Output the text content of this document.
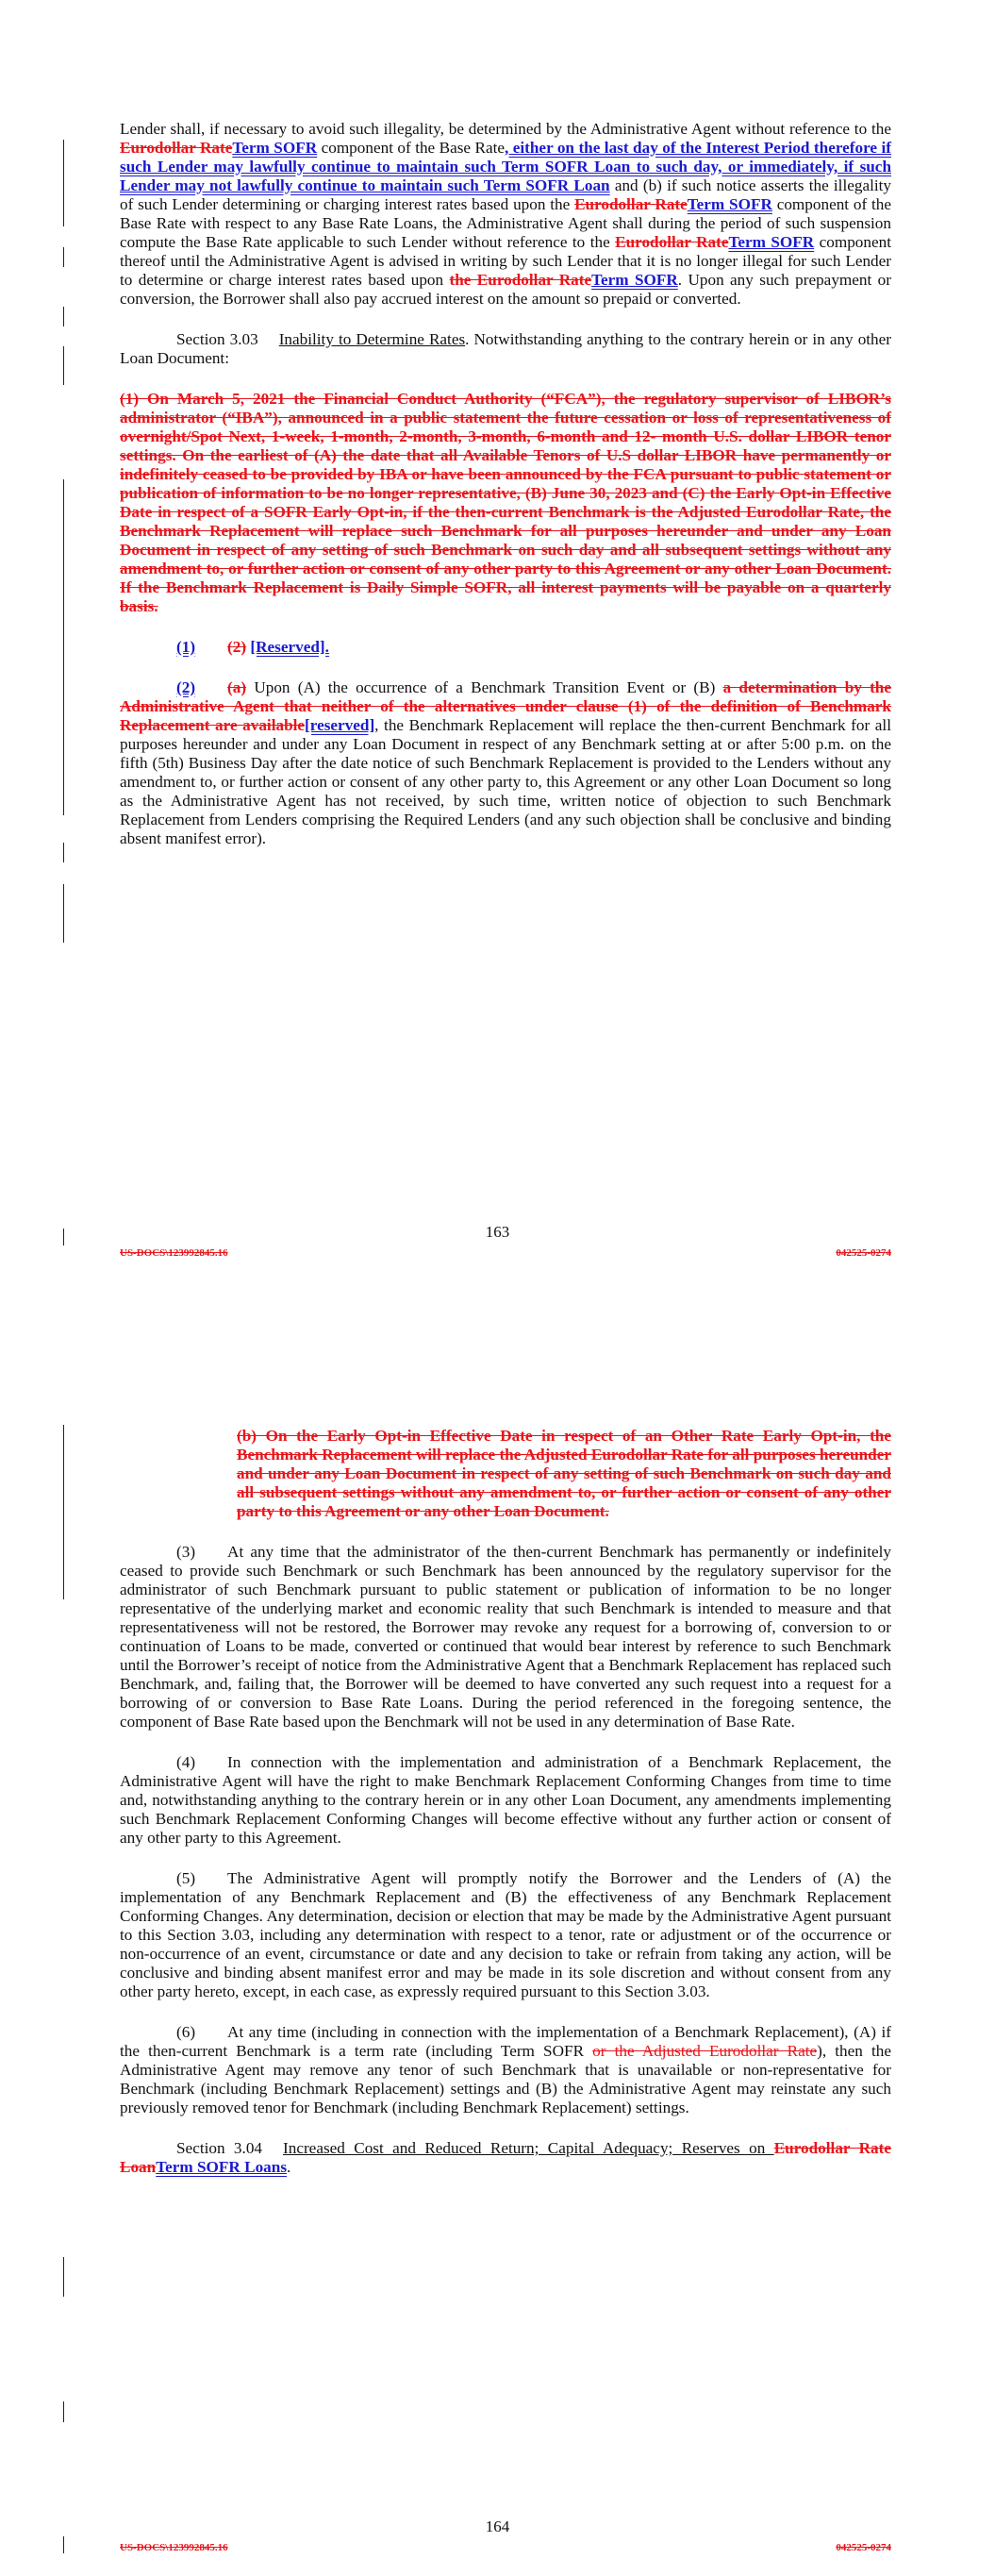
Lender shall, if necessary to avoid such illegality, be determined by the Administrative Agent without reference to the Eurodollar RateTerm SOFR component of the Base Rate, either on the last day of the Interest Period therefore if such Lender may lawfully continue to maintain such Term SOFR Loan to such day, or immediately, if such Lender may not lawfully continue to maintain such Term SOFR Loan and (b) if such notice asserts the illegality of such Lender determining or charging interest rates based upon the Eurodollar RateTerm SOFR component of the Base Rate with respect to any Base Rate Loans, the Administrative Agent shall during the period of such suspension compute the Base Rate applicable to such Lender without reference to the Eurodollar RateTerm SOFR component thereof until the Administrative Agent is advised in writing by such Lender that it is no longer illegal for such Lender to determine or charge interest rates based upon the Eurodollar RateTerm SOFR. Upon any such prepayment or conversion, the Borrower shall also pay accrued interest on the amount so prepaid or converted.

Section 3.03 Inability to Determine Rates. Notwithstanding anything to the contrary herein or in any other Loan Document:

(1) On March 5, 2021 the Financial Conduct Authority (“FCA”), the regulatory supervisor of LIBOR’s administrator (“IBA”), announced in a public statement the future cessation or loss of representativeness of overnight/Spot Next, 1-week, 1-month, 2-month, 3-month, 6-month and 12- month U.S. dollar LIBOR tenor settings. On the earliest of (A) the date that all Available Tenors of U.S dollar LIBOR have permanently or indefinitely ceased to be provided by IBA or have been announced by the FCA pursuant to public statement or publication of information to be no longer representative, (B) June 30, 2023 and (C) the Early Opt-in Effective Date in respect of a SOFR Early Opt-in, if the then-current Benchmark is the Adjusted Eurodollar Rate, the Benchmark Replacement will replace such Benchmark for all purposes hereunder and under any Loan Document in respect of any setting of such Benchmark on such day and all subsequent settings without any amendment to, or further action or consent of any other party to this Agreement or any other Loan Document. If the Benchmark Replacement is Daily Simple SOFR, all interest payments will be payable on a quarterly basis.

(1) (2) [Reserved].

(2) (a) Upon (A) the occurrence of a Benchmark Transition Event or (B) a determination by the Administrative Agent that neither of the alternatives under clause (1) of the definition of Benchmark Replacement are available[reserved], the Benchmark Replacement will replace the then-current Benchmark for all purposes hereunder and under any Loan Document in respect of any Benchmark setting at or after 5:00 p.m. on the fifth (5th) Business Day after the date notice of such Benchmark Replacement is provided to the Lenders without any amendment to, or further action or consent of any other party to, this Agreement or any other Loan Document so long as the Administrative Agent has not received, by such time, written notice of objection to such Benchmark Replacement from Lenders comprising the Required Lenders (and any such objection shall be conclusive and binding absent manifest error).

163
US-DOCS\123992845.16	042525-0274

(b) On the Early Opt-in Effective Date in respect of an Other Rate Early Opt-in, the Benchmark Replacement will replace the Adjusted Eurodollar Rate for all purposes hereunder and under any Loan Document in respect of any setting of such Benchmark on such day and all subsequent settings without any amendment to, or further action or consent of any other party to this Agreement or any other Loan Document.

(3) At any time that the administrator of the then-current Benchmark has permanently or indefinitely ceased to provide such Benchmark or such Benchmark has been announced by the regulatory supervisor for the administrator of such Benchmark pursuant to public statement or publication of information to be no longer representative of the underlying market and economic reality that such Benchmark is intended to measure and that representativeness will not be restored, the Borrower may revoke any request for a borrowing of, conversion to or continuation of Loans to be made, converted or continued that would bear interest by reference to such Benchmark until the Borrower’s receipt of notice from the Administrative Agent that a Benchmark Replacement has replaced such Benchmark, and, failing that, the Borrower will be deemed to have converted any such request into a request for a borrowing of or conversion to Base Rate Loans. During the period referenced in the foregoing sentence, the component of Base Rate based upon the Benchmark will not be used in any determination of Base Rate.

(4) In connection with the implementation and administration of a Benchmark Replacement, the Administrative Agent will have the right to make Benchmark Replacement Conforming Changes from time to time and, notwithstanding anything to the contrary herein or in any other Loan Document, any amendments implementing such Benchmark Replacement Conforming Changes will become effective without any further action or consent of any other party to this Agreement.

(5) The Administrative Agent will promptly notify the Borrower and the Lenders of (A) the implementation of any Benchmark Replacement and (B) the effectiveness of any Benchmark Replacement Conforming Changes. Any determination, decision or election that may be made by the Administrative Agent pursuant to this Section 3.03, including any determination with respect to a tenor, rate or adjustment or of the occurrence or non-occurrence of an event, circumstance or date and any decision to take or refrain from taking any action, will be conclusive and binding absent manifest error and may be made in its sole discretion and without consent from any other party hereto, except, in each case, as expressly required pursuant to this Section 3.03.

(6) At any time (including in connection with the implementation of a Benchmark Replacement), (A) if the then-current Benchmark is a term rate (including Term SOFR or the Adjusted Eurodollar Rate), then the Administrative Agent may remove any tenor of such Benchmark that is unavailable or non-representative for Benchmark (including Benchmark Replacement) settings and (B) the Administrative Agent may reinstate any such previously removed tenor for Benchmark (including Benchmark Replacement) settings.

Section 3.04 Increased Cost and Reduced Return; Capital Adequacy; Reserves on Eurodollar Rate LoanTerm SOFR Loans.

164
US-DOCS\123992845.16	042525-0274
